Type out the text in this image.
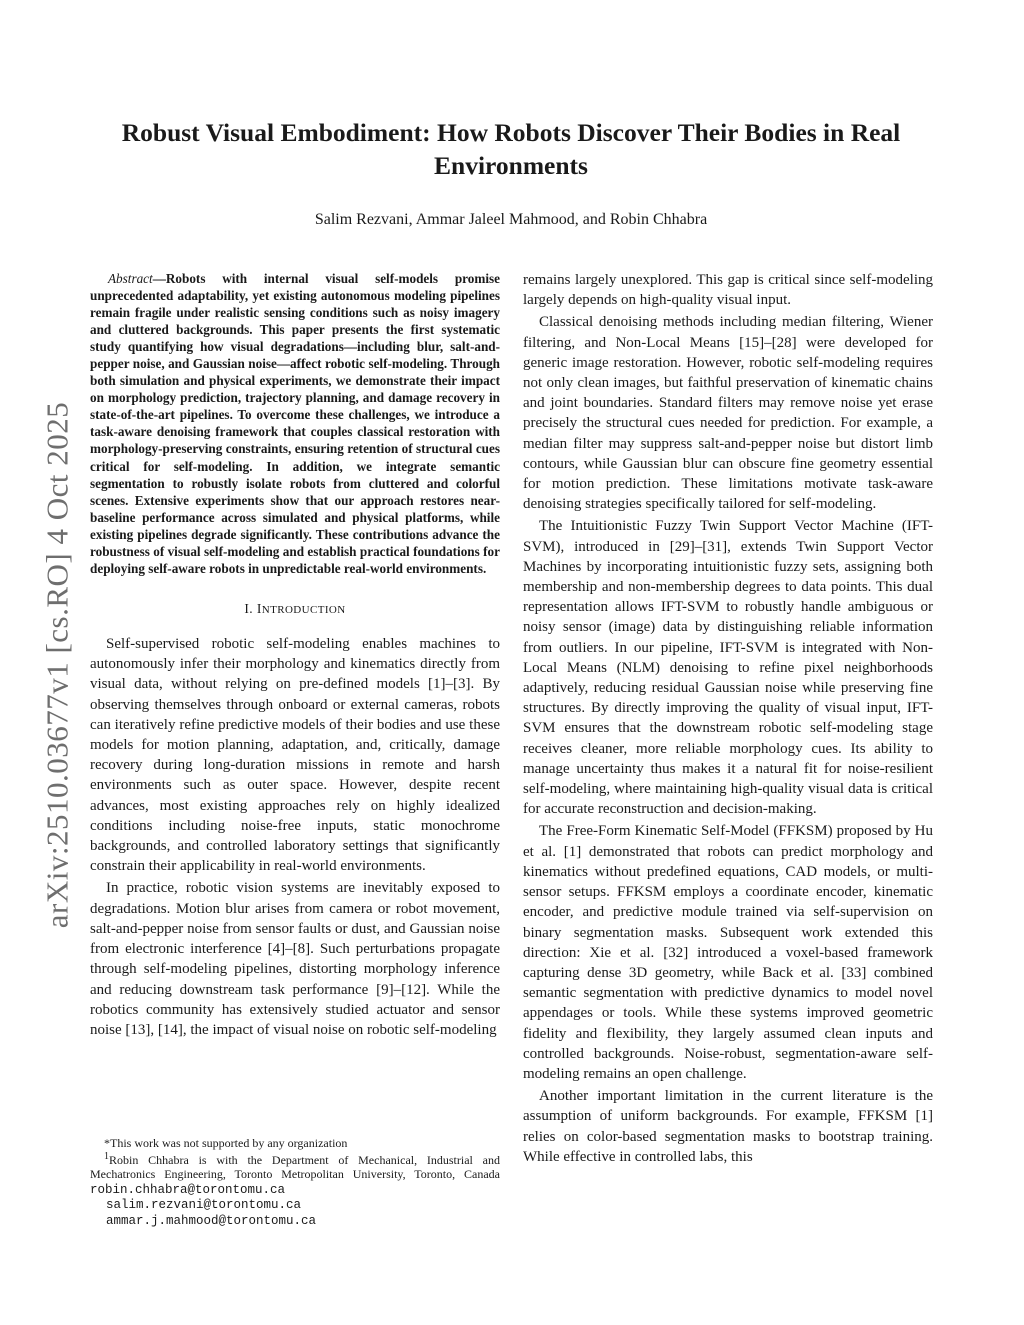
arXiv:2510.03677v1 [cs.RO] 4 Oct 2025
Robust Visual Embodiment: How Robots Discover Their Bodies in Real Environments
Salim Rezvani, Ammar Jaleel Mahmood, and Robin Chhabra

Abstract—Robots with internal visual self-models promise unprecedented adaptability, yet existing autonomous modeling pipelines remain fragile under realistic sensing conditions such as noisy imagery and cluttered backgrounds. This paper presents the first systematic study quantifying how visual degradations—including blur, salt-and-pepper noise, and Gaussian noise—affect robotic self-modeling. Through both simulation and physical experiments, we demonstrate their impact on morphology prediction, trajectory planning, and damage recovery in state-of-the-art pipelines. To overcome these challenges, we introduce a task-aware denoising framework that couples classical restoration with morphology-preserving constraints, ensuring retention of structural cues critical for self-modeling. In addition, we integrate semantic segmentation to robustly isolate robots from cluttered and colorful scenes. Extensive experiments show that our approach restores near-baseline performance across simulated and physical platforms, while existing pipelines degrade significantly. These contributions advance the robustness of visual self-modeling and establish practical foundations for deploying self-aware robots in unpredictable real-world environments.

I. INTRODUCTION

Self-supervised robotic self-modeling enables machines to autonomously infer their morphology and kinematics directly from visual data, without relying on pre-defined models [1]–[3]. By observing themselves through onboard or external cameras, robots can iteratively refine predictive models of their bodies and use these models for motion planning, adaptation, and, critically, damage recovery during long-duration missions in remote and harsh environments such as outer space. However, despite recent advances, most existing approaches rely on highly idealized conditions including noise-free inputs, static monochrome backgrounds, and controlled laboratory settings that significantly constrain their applicability in real-world environments.

In practice, robotic vision systems are inevitably exposed to degradations. Motion blur arises from camera or robot movement, salt-and-pepper noise from sensor faults or dust, and Gaussian noise from electronic interference [4]–[8]. Such perturbations propagate through self-modeling pipelines, distorting morphology inference and reducing downstream task performance [9]–[12]. While the robotics community has extensively studied actuator and sensor noise [13], [14], the impact of visual noise on robotic self-modeling

*This work was not supported by any organization

$^1$Robin Chhabra is with the Department of Mechanical, Industrial and Mechatronics Engineering, Toronto Metropolitan University, Toronto, Canada robin.chhabra@torontomu.ca

salim.rezvani@torontomu.ca
ammar.j.mahmood@torontomu.ca

remains largely unexplored. This gap is critical since self-modeling largely depends on high-quality visual input.

Classical denoising methods including median filtering, Wiener filtering, and Non-Local Means [15]–[28] were developed for generic image restoration. However, robotic self-modeling requires not only clean images, but faithful preservation of kinematic chains and joint boundaries. Standard filters may remove noise yet erase precisely the structural cues needed for prediction. For example, a median filter may suppress salt-and-pepper noise but distort limb contours, while Gaussian blur can obscure fine geometry essential for motion prediction. These limitations motivate task-aware denoising strategies specifically tailored for self-modeling.

The Intuitionistic Fuzzy Twin Support Vector Machine (IFT-SVM), introduced in [29]–[31], extends Twin Support Vector Machines by incorporating intuitionistic fuzzy sets, assigning both membership and non-membership degrees to data points. This dual representation allows IFT-SVM to robustly handle ambiguous or noisy sensor (image) data by distinguishing reliable information from outliers. In our pipeline, IFT-SVM is integrated with Non-Local Means (NLM) denoising to refine pixel neighborhoods adaptively, reducing residual Gaussian noise while preserving fine structures. By directly improving the quality of visual input, IFT-SVM ensures that the downstream robotic self-modeling stage receives cleaner, more reliable morphology cues. Its ability to manage uncertainty thus makes it a natural fit for noise-resilient self-modeling, where maintaining high-quality visual data is critical for accurate reconstruction and decision-making.

The Free-Form Kinematic Self-Model (FFKSM) proposed by Hu et al. [1] demonstrated that robots can predict morphology and kinematics without predefined equations, CAD models, or multi-sensor setups. FFKSM employs a coordinate encoder, kinematic encoder, and predictive module trained via self-supervision on binary segmentation masks. Subsequent work extended this direction: Xie et al. [32] introduced a voxel-based framework capturing dense 3D geometry, while Back et al. [33] combined semantic segmentation with predictive dynamics to model novel appendages or tools. While these systems improved geometric fidelity and flexibility, they largely assumed clean inputs and controlled backgrounds. Noise-robust, segmentation-aware self-modeling remains an open challenge.

Another important limitation in the current literature is the assumption of uniform backgrounds. For example, FFKSM [1] relies on color-based segmentation masks to bootstrap training. While effective in controlled labs, this
